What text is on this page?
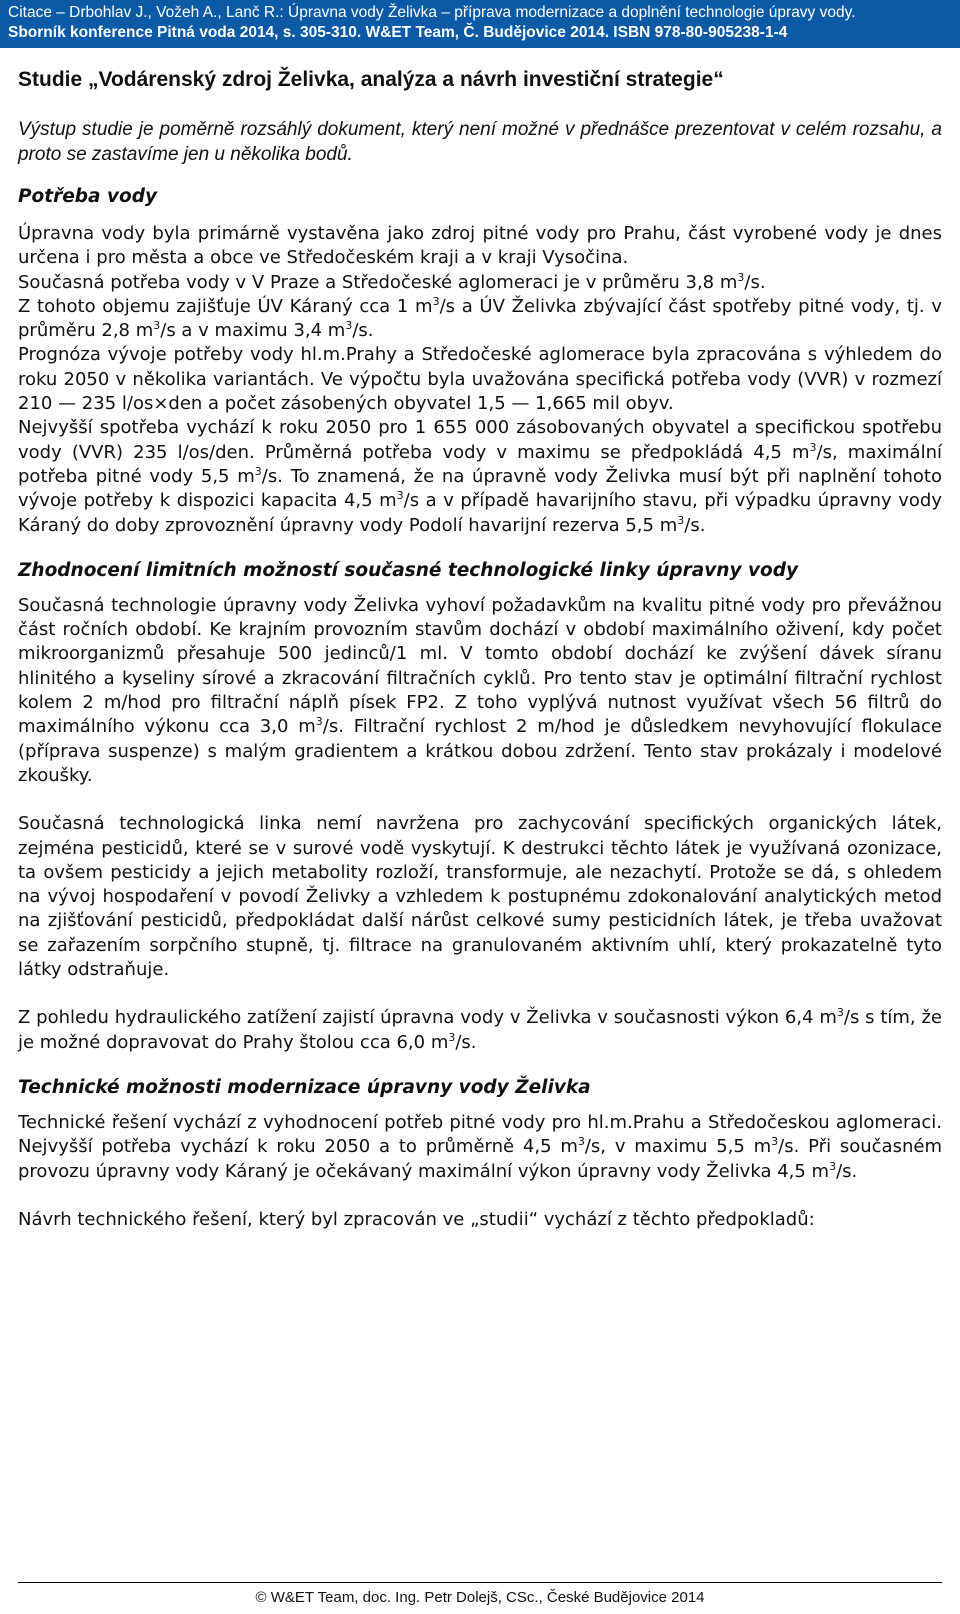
Citace – Drbohlav J., Vožeh A., Lanč R.: Úpravna vody Želivka – příprava modernizace a doplnění technologie úpravy vody.
Sborník konference Pitná voda 2014, s. 305-310. W&ET Team, Č. Budějovice 2014. ISBN 978-80-905238-1-4
Studie „Vodárenský zdroj Želivka, analýza a návrh investiční strategie“

Výstup studie je poměrně rozsáhlý dokument, který není možné v přednášce prezentovat v celém rozsahu, a proto se zastavíme jen u několika bodů.

Potřeba vody

Úpravna vody byla primárně vystavěna jako zdroj pitné vody pro Prahu, část vyrobené vody je dnes určena i pro města a obce ve Středočeském kraji a v kraji Vysočina.

Současná potřeba vody v V Praze a Středočeské aglomeraci je v průměru 3,8 $m^3/s$.

Z tohoto objemu zajišťuje ÚV Káraný cca 1 $m^3/s$ a ÚV Želivka zbývající část spotřeby pitné vody, tj. v průměru 2,8 $m^3/s$ a v maximu 3,4 $m^3/s$.

Prognóza vývoje potřeby vody hl.m.Prahy a Středočeské aglomerace byla zpracována s výhledem do roku 2050 v několika variantách. Ve výpočtu byla uvažována specifická potřeba vody (VVR) v rozmezí 210 — 235 l/os×den a počet zásobených obyvatel 1,5 — 1,665 mil obyv.

Nejvyšší spotřeba vychází k roku 2050 pro 1 655 000 zásobovaných obyvatel a specifickou spotřebu vody (VVR) 235 l/os/den. Průměrná potřeba vody v maximu se předpokládá 4,5 $m^3/s$, maximální potřeba pitné vody 5,5 $m^3/s$. To znamená, že na úpravně vody Želivka musí být při naplnění tohoto vývoje potřeby k dispozici kapacita 4,5 $m^3/s$ a v případě havarijního stavu, při výpadku úpravny vody Káraný do doby zprovoznění úpravny vody Podolí havarijní rezerva 5,5 $m^3/s$.

Zhodnocení limitních možností současné technologické linky úpravny vody

Současná technologie úpravny vody Želivka vyhoví požadavkům na kvalitu pitné vody pro převážnou část ročních období. Ke krajním provozním stavům dochází v období maximálního oživení, kdy počet mikroorganizmů přesahuje 500 jedinců/1 ml. V tomto období dochází ke zvýšení dávek síranu hlinitého a kyseliny sírové a zkracování filtračních cyklů. Pro tento stav je optimální filtrační rychlost kolem 2 m/hod pro filtrační náplň písek FP2. Z toho vyplývá nutnost využívat všech 56 filtrů do maximálního výkonu cca 3,0 $m^3/s$. Filtrační rychlost 2 m/hod je důsledkem nevyhovující flokulace (příprava suspenze) s malým gradientem a krátkou dobou zdržení. Tento stav prokázaly i modelové zkoušky.

Současná technologická linka nemí navržena pro zachycování specifických organických látek, zejména pesticidů, které se v surové vodě vyskytují. K destrukci těchto látek je využívaná ozonizace, ta ovšem pesticidy a jejich metabolity rozloží, transformuje, ale nezachytí. Protože se dá, s ohledem na vývoj hospodaření v povodí Želivky a vzhledem k postupnému zdokonalování analytických metod na zjišťování pesticidů, předpokládat další nárůst celkové sumy pesticidních látek, je třeba uvažovat se zařazením sorpčního stupně, tj. filtrace na granulovaném aktivním uhlí, který prokazatelně tyto látky odstraňuje.

Z pohledu hydraulického zatížení zajistí úpravna vody v Želivka v současnosti výkon 6,4 $m^3/s$ s tím, že je možné dopravovat do Prahy štolou cca 6,0 $m^3/s$.

Technické možnosti modernizace úpravny vody Želivka

Technické řešení vychází z vyhodnocení potřeb pitné vody pro hl.m.Prahu a Středočeskou aglomeraci. Nejvyšší potřeba vychází k roku 2050 a to průměrně 4,5 $m^3/s$, v maximu 5,5 $m^3/s$. Při současném provozu úpravny vody Káraný je očekávaný maximální výkon úpravny vody Želivka 4,5 $m^3/s$.

Návrh technického řešení, který byl zpracován ve „studii“ vychází z těchto předpokladů:

© W&ET Team, doc. Ing. Petr Dolejš, CSc., České Budějovice 2014
